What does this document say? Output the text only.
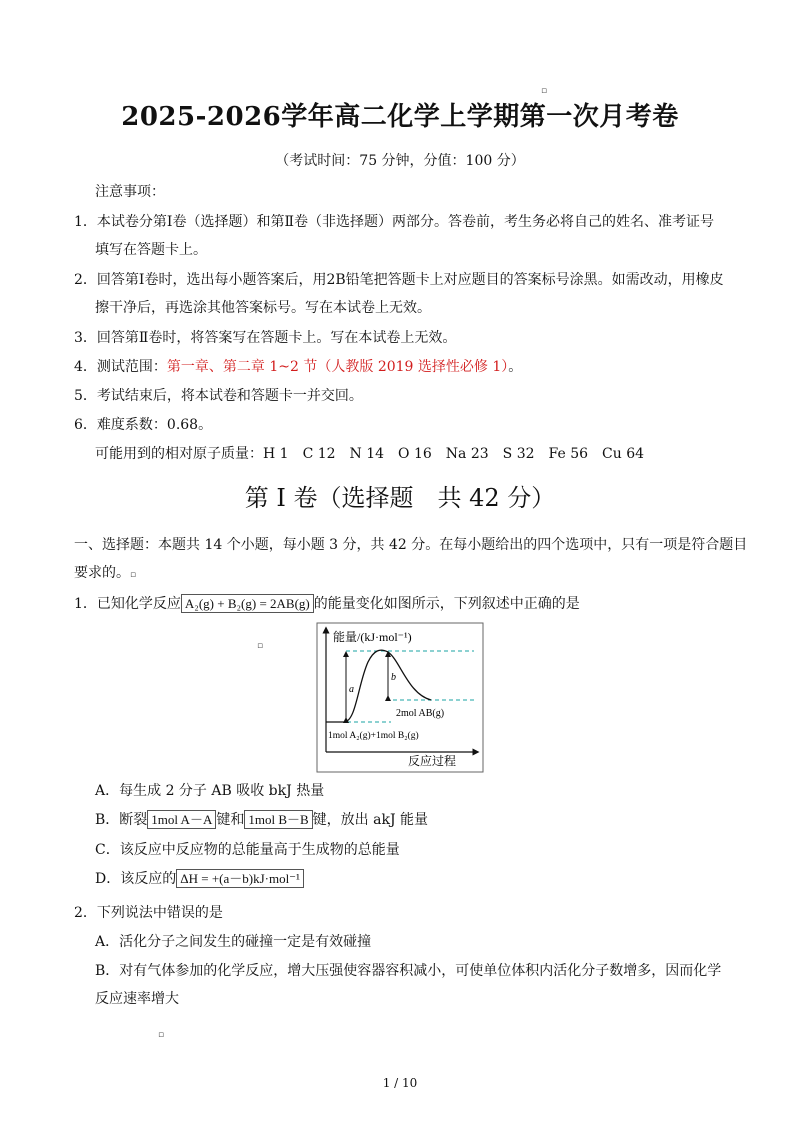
▫
2025-2026学年高二化学上学期第一次月考卷
（考试时间：75 分钟，分值：100 分）
注意事项：
1．本试卷分第Ⅰ卷（选择题）和第Ⅱ卷（非选择题）两部分。答卷前，考生务必将自己的姓名、准考证号
填写在答题卡上。
2．回答第Ⅰ卷时，选出每小题答案后，用2B铅笔把答题卡上对应题目的答案标号涂黑。如需改动，用橡皮
擦干净后，再选涂其他答案标号。写在本试卷上无效。
3．回答第Ⅱ卷时，将答案写在答题卡上。写在本试卷上无效。
4．测试范围：第一章、第二章 1~2 节（人教版 2019 选择性必修 1）。
5．考试结束后，将本试卷和答题卡一并交回。
6．难度系数：0.68。
可能用到的相对原子质量：H 1　C 12　N 14　O 16　Na 23　S 32　Fe 56　Cu 64
第 I 卷（选择题　共 42 分）
一、选择题：本题共 14 个小题，每小题 3 分，共 42 分。在每小题给出的四个选项中，只有一项是符合题目
要求的。▫
1．已知化学反应 A₂(g) + B₂(g) = 2AB(g) 的能量变化如图所示，下列叙述中正确的是
▫
能量/(kJ·mol⁻¹)
反应过程
a
b
2mol AB(g)
1mol A₂(g)+1mol B₂(g)
A．每生成 2 分子 AB 吸收 bkJ 热量
B．断裂 1mol A－A 键和 1mol B－B 键，放出 akJ 能量
C．该反应中反应物的总能量高于生成物的总能量
D．该反应的 ΔH = +(a－b)kJ·mol⁻¹
2．下列说法中错误的是
A．活化分子之间发生的碰撞一定是有效碰撞
B．对有气体参加的化学反应，增大压强使容器容积减小，可使单位体积内活化分子数增多，因而化学
反应速率增大
▫
1 / 10
